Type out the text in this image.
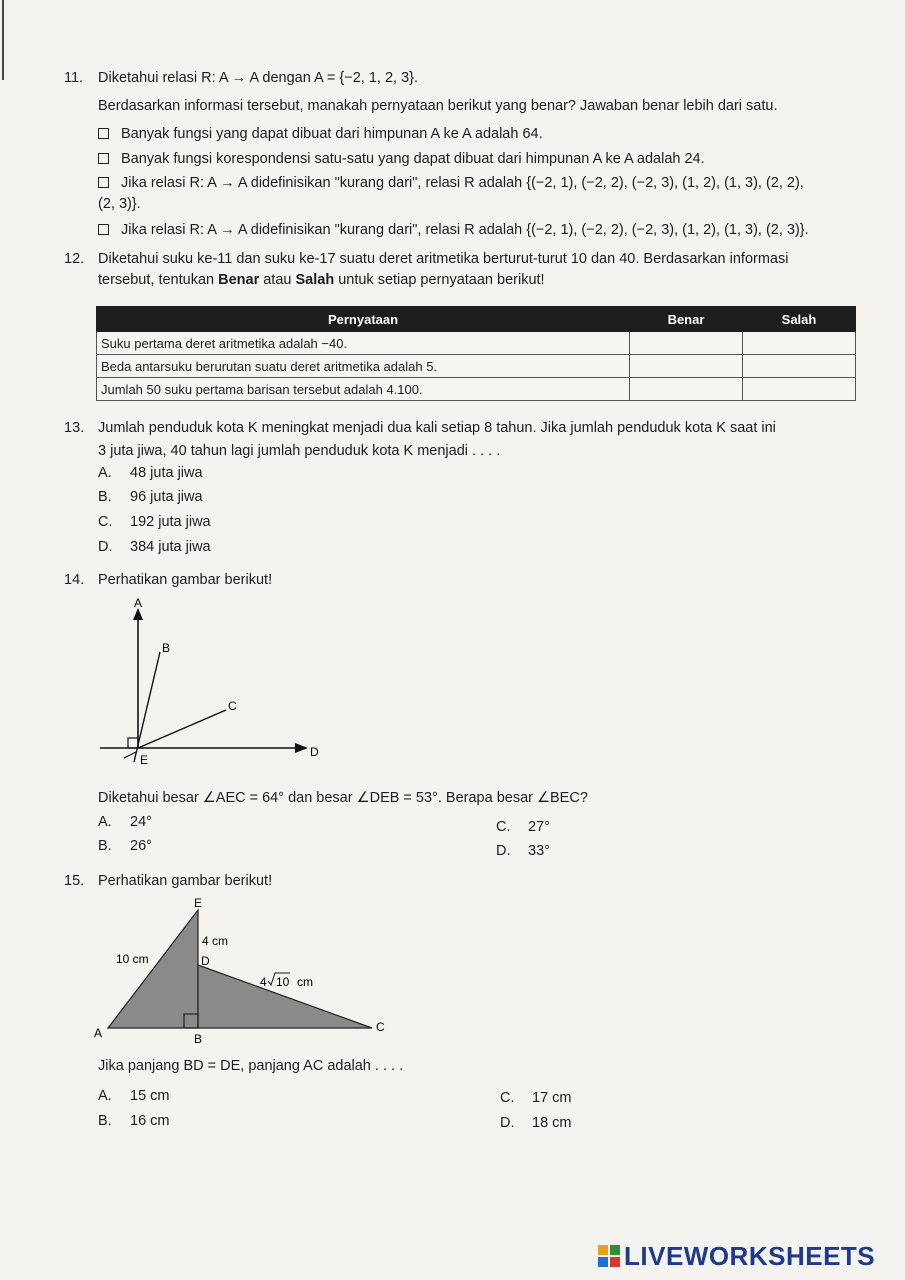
11. Diketahui relasi R: A → A dengan A = {−2, 1, 2, 3}.
Berdasarkan informasi tersebut, manakah pernyataan berikut yang benar? Jawaban benar lebih dari satu.
Banyak fungsi yang dapat dibuat dari himpunan A ke A adalah 64.
Banyak fungsi korespondensi satu-satu yang dapat dibuat dari himpunan A ke A adalah 24.
Jika relasi R: A → A didefinisikan "kurang dari", relasi R adalah {(−2, 1), (−2, 2), (−2, 3), (1, 2), (1, 3), (2, 2),
(2, 3)}.
Jika relasi R: A → A didefinisikan "kurang dari", relasi R adalah {(−2, 1), (−2, 2), (−2, 3), (1, 2), (1, 3), (2, 3)}.
12. Diketahui suku ke-11 dan suku ke-17 suatu deret aritmetika berturut-turut 10 dan 40. Berdasarkan informasi
tersebut, tentukan Benar atau Salah untuk setiap pernyataan berikut!
Pernyataan	Benar	Salah
Suku pertama deret aritmetika adalah −40.		
Beda antarsuku berurutan suatu deret aritmetika adalah 5.		
Jumlah 50 suku pertama barisan tersebut adalah 4.100.		
13. Jumlah penduduk kota K meningkat menjadi dua kali setiap 8 tahun. Jika jumlah penduduk kota K saat ini
3 juta jiwa, 40 tahun lagi jumlah penduduk kota K menjadi . . . .
A. 48 juta jiwa
B. 96 juta jiwa
C. 192 juta jiwa
D. 384 juta jiwa
14. Perhatikan gambar berikut!
A
B
C
D
E
Diketahui besar ∠AEC = 64° dan besar ∠DEB = 53°. Berapa besar ∠BEC?
A. 24°
B. 26°
C. 27°
D. 33°
15. Perhatikan gambar berikut!
E
4 cm
10 cm	D
4 10 cm
A	B
C
Jika panjang BD = DE, panjang AC adalah . . . .
A. 15 cm
B. 16 cm
C. 17 cm
D. 18 cm
LIVEWORKSHEETS
